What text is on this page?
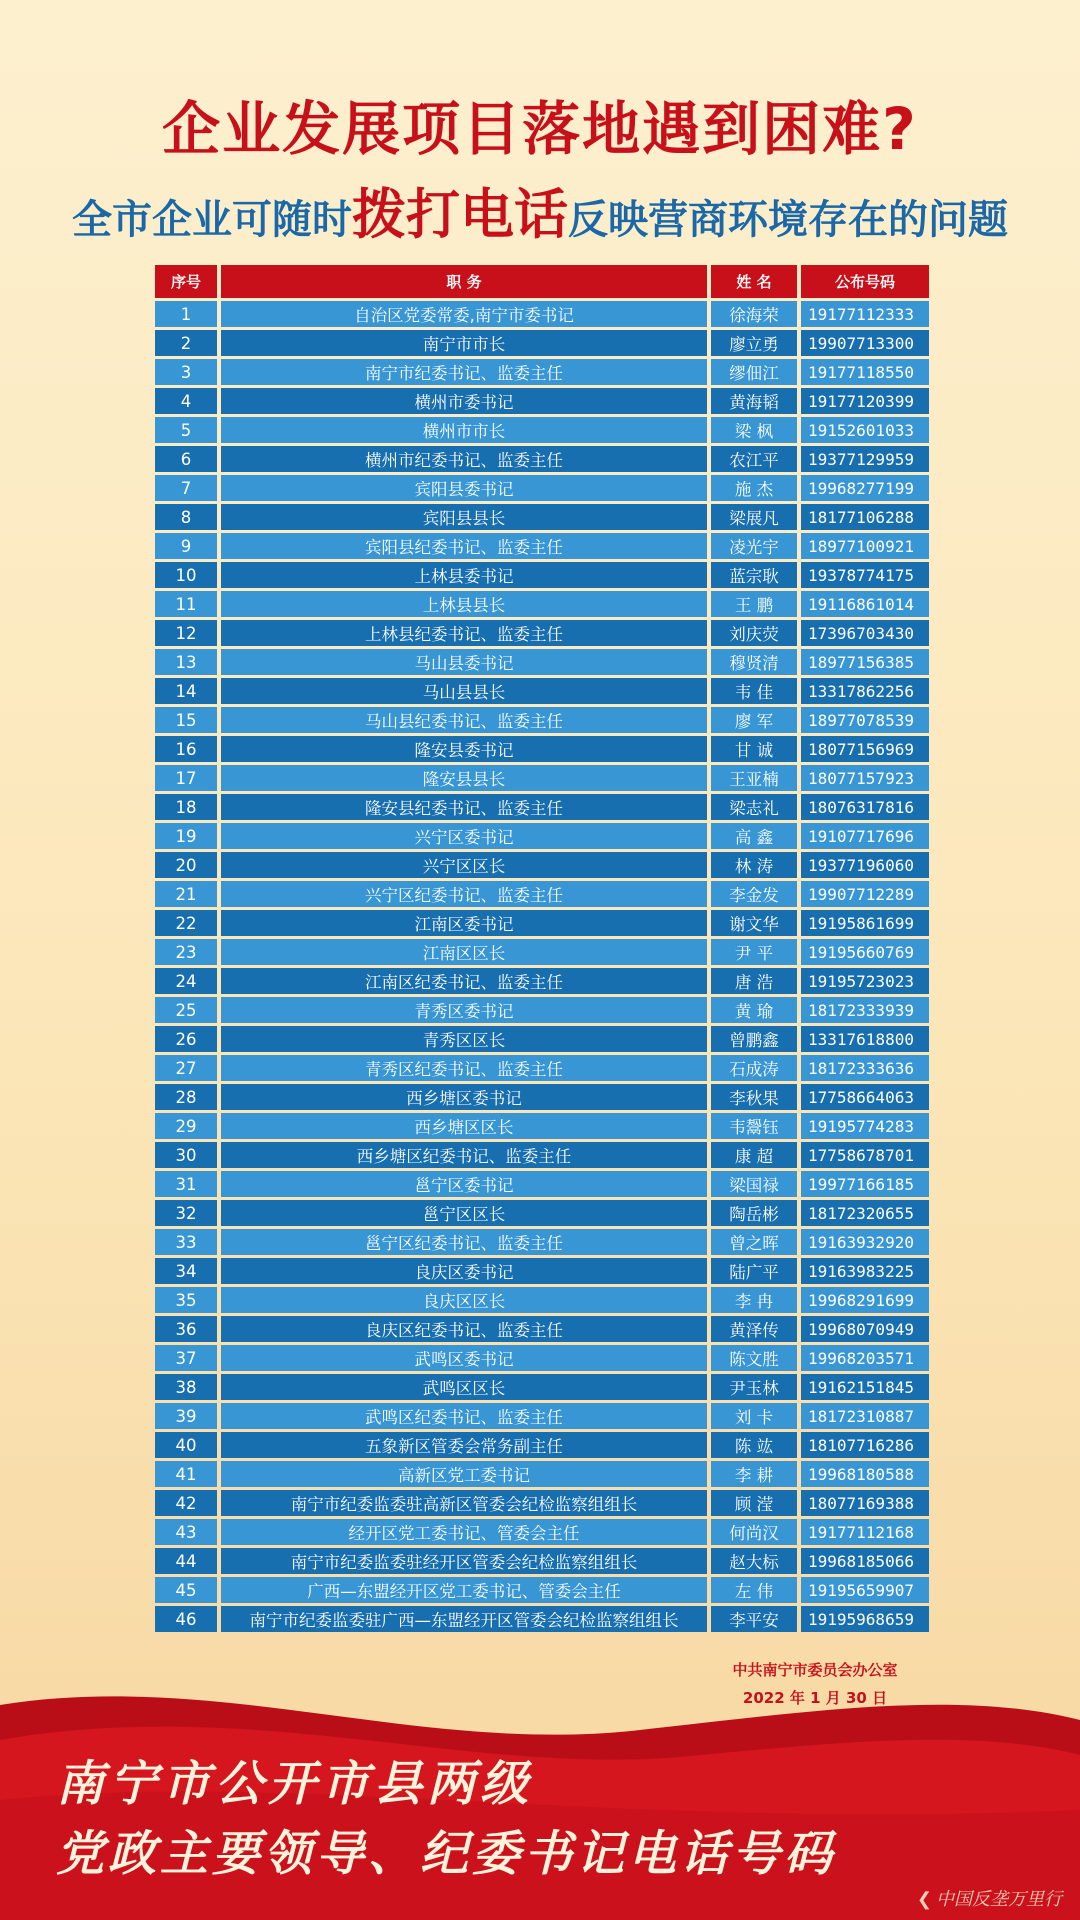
企业发展项目落地遇到困难?
全市企业可随时拨打电话反映营商环境存在的问题
序号	职 务	姓 名	公布号码
1	自治区党委常委,南宁市委书记	徐海荣	19177112333
2	南宁市市长	廖立勇	19907713300
3	南宁市纪委书记、监委主任	缪佃江	19177118550
4	横州市委书记	黄海韬	19177120399
5	横州市市长	梁 枫	19152601033
6	横州市纪委书记、监委主任	农江平	19377129959
7	宾阳县委书记	施 杰	19968277199
8	宾阳县县长	梁展凡	18177106288
9	宾阳县纪委书记、监委主任	凌光宇	18977100921
10	上林县委书记	蓝宗耿	19378774175
11	上林县县长	王 鹏	19116861014
12	上林县纪委书记、监委主任	刘庆荧	17396703430
13	马山县委书记	穆贤清	18977156385
14	马山县县长	韦 佳	13317862256
15	马山县纪委书记、监委主任	廖 军	18977078539
16	隆安县委书记	甘 诚	18077156969
17	隆安县县长	王亚楠	18077157923
18	隆安县纪委书记、监委主任	梁志礼	18076317816
19	兴宁区委书记	高 鑫	19107717696
20	兴宁区区长	林 涛	19377196060
21	兴宁区纪委书记、监委主任	李金发	19907712289
22	江南区委书记	谢文华	19195861699
23	江南区区长	尹 平	19195660769
24	江南区纪委书记、监委主任	唐 浩	19195723023
25	青秀区委书记	黄 瑜	18172333939
26	青秀区区长	曾鹏鑫	13317618800
27	青秀区纪委书记、监委主任	石成涛	18172333636
28	西乡塘区委书记	李秋果	17758664063
29	西乡塘区区长	韦鬶钰	19195774283
30	西乡塘区纪委书记、监委主任	康 超	17758678701
31	邕宁区委书记	梁国禄	19977166185
32	邕宁区区长	陶岳彬	18172320655
33	邕宁区纪委书记、监委主任	曾之晖	19163932920
34	良庆区委书记	陆广平	19163983225
35	良庆区区长	李 冉	19968291699
36	良庆区纪委书记、监委主任	黄泽传	19968070949
37	武鸣区委书记	陈文胜	19968203571
38	武鸣区区长	尹玉林	19162151845
39	武鸣区纪委书记、监委主任	刘 卡	18172310887
40	五象新区管委会常务副主任	陈 竑	18107716286
41	高新区党工委书记	李 耕	19968180588
42	南宁市纪委监委驻高新区管委会纪检监察组组长	顾 滢	18077169388
43	经开区党工委书记、管委会主任	何尚汉	19177112168
44	南宁市纪委监委驻经开区管委会纪检监察组组长	赵大标	19968185066
45	广西—东盟经开区党工委书记、管委会主任	左 伟	19195659907
46	南宁市纪委监委驻广西—东盟经开区管委会纪检监察组组长	李平安	19195968659
中共南宁市委员会办公室
2022 年 1 月 30 日
南宁市公开市县两级
党政主要领导、纪委书记电话号码
❮ 中国反垄万里行
